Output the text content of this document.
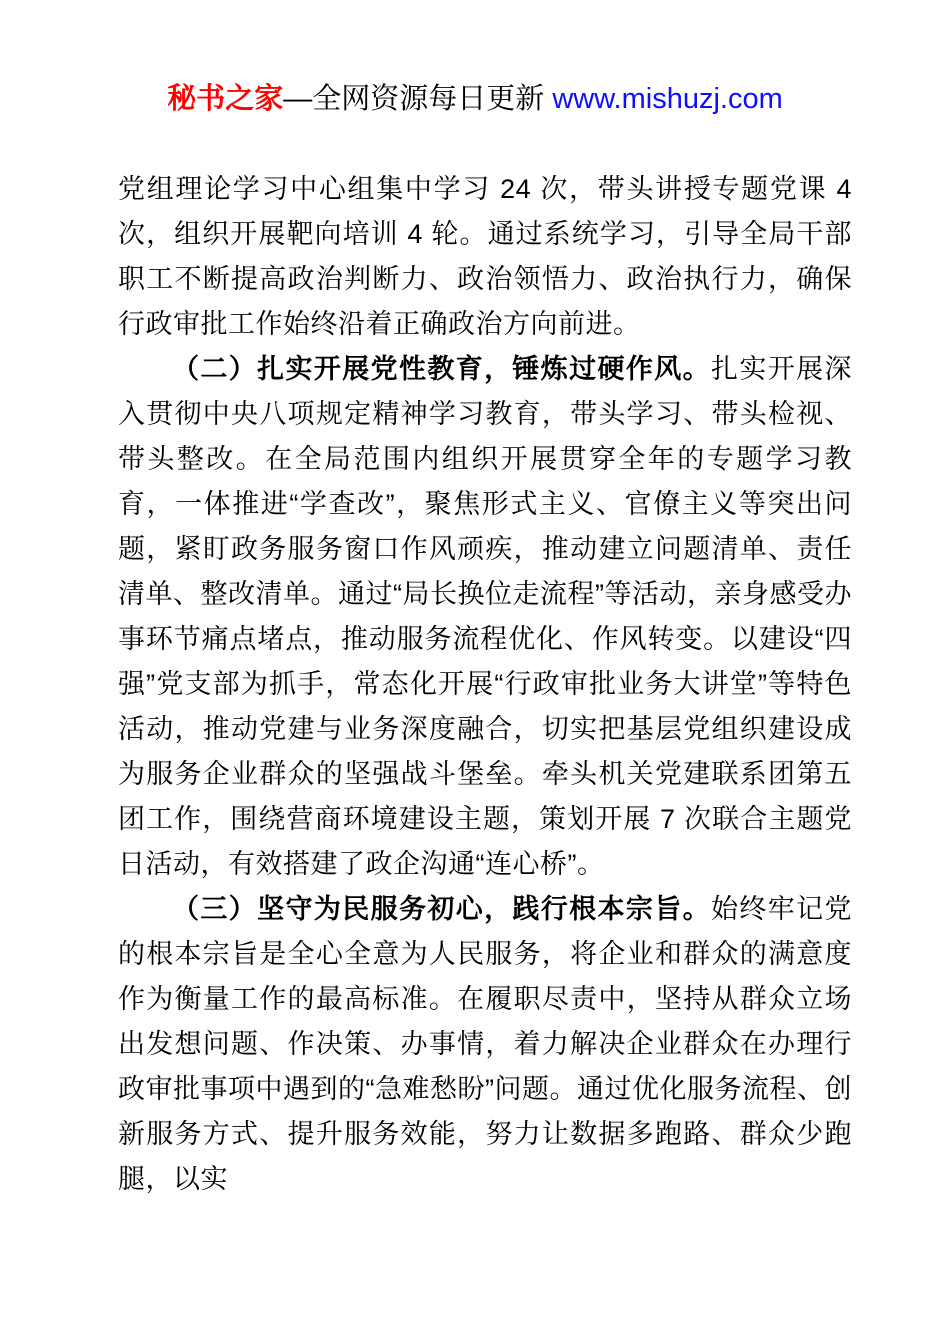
秘书之家—全网资源每日更新 www.mishuzj.com

党组理论学习中心组集中学习 24 次，带头讲授专题党课 4 次，组织开展靶向培训 4 轮。通过系统学习，引导全局干部职工不断提高政治判断力、政治领悟力、政治执行力，确保行政审批工作始终沿着正确政治方向前进。

（二）扎实开展党性教育，锤炼过硬作风。扎实开展深入贯彻中央八项规定精神学习教育，带头学习、带头检视、带头整改。在全局范围内组织开展贯穿全年的专题学习教育，一体推进“学查改”，聚焦形式主义、官僚主义等突出问题，紧盯政务服务窗口作风顽疾，推动建立问题清单、责任清单、整改清单。通过“局长换位走流程”等活动，亲身感受办事环节痛点堵点，推动服务流程优化、作风转变。以建设“四强”党支部为抓手，常态化开展“行政审批业务大讲堂”等特色活动，推动党建与业务深度融合，切实把基层党组织建设成为服务企业群众的坚强战斗堡垒。牵头机关党建联系团第五团工作，围绕营商环境建设主题，策划开展 7 次联合主题党日活动，有效搭建了政企沟通“连心桥”。

（三）坚守为民服务初心，践行根本宗旨。始终牢记党的根本宗旨是全心全意为人民服务，将企业和群众的满意度作为衡量工作的最高标准。在履职尽责中，坚持从群众立场出发想问题、作决策、办事情，着力解决企业群众在办理行政审批事项中遇到的“急难愁盼”问题。通过优化服务流程、创新服务方式、提升服务效能，努力让数据多跑路、群众少跑腿，以实
